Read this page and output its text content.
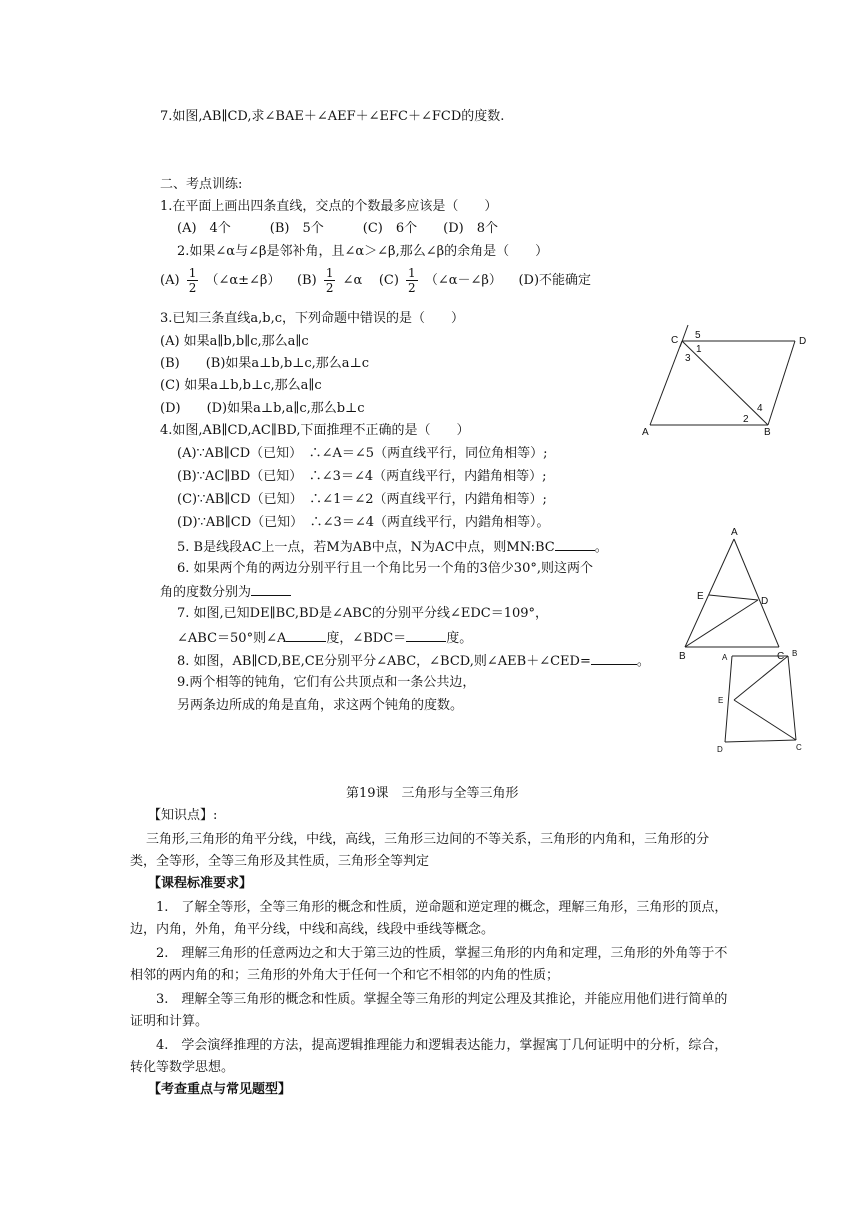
7.如图,AB∥CD,求∠BAE＋∠AEF＋∠EFC＋∠FCD的度数.
二、考点训练:
1.在平面上画出四条直线，交点的个数最多应该是（　　）
(A)　4个　　　(B)　5个　　　(C)　6个　　(D)　8个
2.如果∠α与∠β是邻补角，且∠α＞∠β,那么∠β的余角是（　　）
$(A) \frac{1}{2}$ （∠α±∠β） $(B) \frac{1}{2}$ ∠α $(C) \frac{1}{2}$ （∠α－∠β） (D)不能确定
3.已知三条直线a,b,c，下列命题中错误的是（　　）
(A) 如果a∥b,b∥c,那么a∥c
(B)　　(B)如果a⊥b,b⊥c,那么a⊥c
(C) 如果a⊥b,b⊥c,那么a∥c
(D)　　(D)如果a⊥b,a∥c,那么b⊥c
4.如图,AB∥CD,AC∥BD,下面推理不正确的是（　　）
(A)∵AB∥CD（已知）　∴∠A＝∠5（两直线平行，同位角相等）;
(B)∵AC∥BD（已知）　∴∠3＝∠4（两直线平行，内錯角相等）;
(C)∵AB∥CD（已知）　∴∠1＝∠2（两直线平行，内錯角相等）;
(D)∵AB∥CD（已知）　∴∠3＝∠4（两直线平行，内錯角相等）。
5. B是线段AC上一点，若M为AB中点，N为AC中点，则MN:BC	。
6. 如果两个角的两边分别平行且一个角比另一个角的3倍少30°,则这两个
角的度数分别为
7. 如图,已知DE∥BC,BD是∠ABC的分别平分线∠EDC＝109°，
∠ABC＝50°则∠A	度，∠BDC＝	度。
8. 如图，AB∥CD,BE,CE分别平分∠ABC，∠BCD,则∠AEB＋∠CED=	。
9.两个相等的钝角，它们有公共顶点和一条公共边，
另两条边所成的角是直角，求这两个钝角的度数。
C	D
A	B
5
1
3
4
2
A
E	D
B	C
A	B
E
D	C
第19课　三角形与全等三角形
【知识点】:
三角形,三角形的角平分线，中线，高线，三角形三边间的不等关系，三角形的内角和，三角形的分类，全等形，全等三角形及其性质，三角形全等判定
【课程标准要求】
1.　了解全等形，全等三角形的概念和性质，逆命题和逆定理的概念，理解三角形，三角形的顶点，边，内角，外角，角平分线，中线和高线，线段中垂线等概念。
2.　理解三角形的任意两边之和大于第三边的性质，掌握三角形的内角和定理，三角形的外角等于不相邻的两内角的和；三角形的外角大于任何一个和它不相邻的内角的性质；
3.　理解全等三角形的概念和性质。掌握全等三角形的判定公理及其推论，并能应用他们进行简单的证明和计算。
4.　学会演绎推理的方法，提高逻辑推理能力和逻辑表达能力，掌握寓丁几何证明中的分析，综合，转化等数学思想。
【考查重点与常见题型】
